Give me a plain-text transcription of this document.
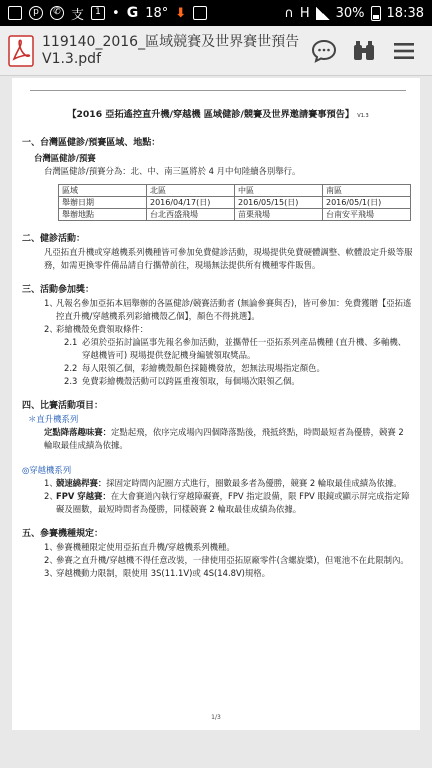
p	✆ 支	1 • G 18° ⬇	∩ H 30% 18:38
119140_2016_區域競賽及世界賽世預告 V1.3.pdf
【2016 亞拓遙控直升機/穿越機 區域健診/競賽及世界邀請賽事預告】 V1.3
一、台灣區健診/預賽區域、地點：
台灣區健診/預賽
台灣區健診/預賽分為：北、中、南三區將於 4 月中旬陸續各別舉行。
區域	北區	中區	南區
舉辦日期	2016/04/17(日)	2016/05/15(日)	2016/05/1(日)
舉辦地點	台北西盛飛場	苗栗飛場	台南安平飛場
二、健診活動：
凡亞拓直升機或穿越機系列機種皆可參加免費健診活動，現場提供免費硬體調整、軟體設定升級等服務，如需更換零件備品請自行攜帶前往，現場無法提供所有機種零件販售。
三、活動參加獎：
1、
凡報名參加亞拓本屆舉辦的各區健診/競賽活動者 (無論參賽與否)，皆可參加：免費獲贈【亞拓遙控直升機/穿越機系列彩繪機殼乙個】，顏色不得挑選】。
2、
彩繪機殼免費領取條件：
2.1 必須於亞拓討論區事先報名參加活動，並攜帶任一亞拓系列產品機種 (直升機、多軸機、穿越機皆可) 現場提供登記機身編號領取獎品。
2.2 每人限領乙個，彩繪機殼顏色採隨機發放，恕無法現場指定顏色。
2.3 免費彩繪機殼活動可以跨區重複領取，每個場次限領乙個。
四、比賽活動項目：
＊直升機系列
定點降落趣味賽：定點起飛，依序完成場內四個降落點後，飛抵終點，時間最短者為優勝，競賽 2 輪取最佳成績為依據。
◎穿越機系列
1、
競速繞桿賽：採固定時間內記圈方式進行，圈數最多者為優勝，競賽 2 輪取最佳成績為依據。
2、
FPV 穿越賽：在大會賽道內執行穿越障礙賽，FPV 指定設備，限 FPV 眼鏡或顯示屏完成指定障礙及圈數，最短時間者為優勝，同樣競賽 2 輪取最佳成績為依據。
五、參賽機種規定：
1、
參賽機種限定使用亞拓直升機/穿越機系列機種。
2、
參賽之直升機/穿越機不得任意改裝，一律使用亞拓原廠零件(含螺旋槳)，但電池不在此限制內。
3、
穿越機動力限制，限使用 3S(11.1V)或 4S(14.8V)規格。
1/3
